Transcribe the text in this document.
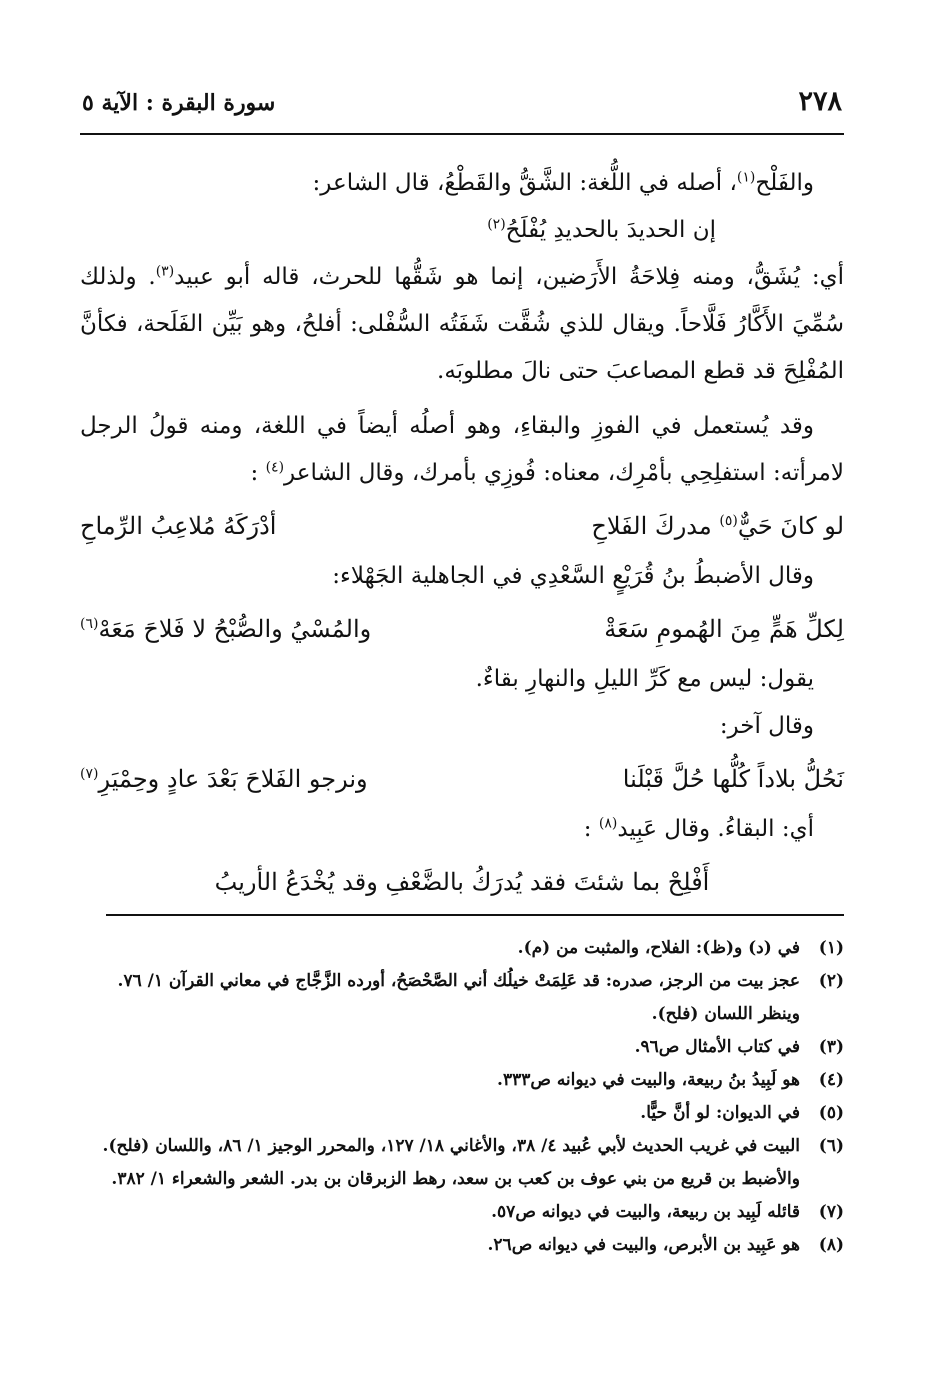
٢٧٨
سورة البقرة : الآية ٥

والفَلْح$^{(١)}$، أصله في اللُّغة: الشَّقُّ والقَطْعُ، قال الشاعر:

إن الحديدَ بالحديدِ يُفْلَحُ$^{(٢)}$

أي: يُشَقُّ، ومنه فِلاحَةُ الأَرَضين، إنما هو شَقُّها للحرث، قاله أبو عبيد$^{(٣)}$. ولذلك سُمِّيَ الأَكَّارُ فَلَّاحاً. ويقال للذي شُقَّت شَفَتُه السُّفْلى: أفلحُ، وهو بَيِّن الفَلَحة، فكأنَّ المُفْلِحَ قد قطع المصاعبَ حتى نالَ مطلوبَه.

وقد يُستعمل في الفوزِ والبقاءِ، وهو أصلُه أيضاً في اللغة، ومنه قولُ الرجل لامرأته: استفلِحِي بأمْرِك، معناه: فُوزِي بأمرك، وقال الشاعر$^{(٤)}$ :

لو كانَ حَيٌّ$^{(٥)}$ مدركَ الفَلاحِ
أدْرَكَهُ مُلاعِبُ الرِّماحِ

وقال الأضبطُ بنُ قُرَيْعٍ السَّعْدِي في الجاهلية الجَهْلاء:

لِكلِّ هَمٍّ مِنَ الهُمومِ سَعَةْ
والمُسْيُ والصُّبْحُ لا فَلاحَ مَعَهْ$^{(٦)}$

يقول: ليس مع كَرِّ الليلِ والنهارِ بقاءٌ.

وقال آخر:

نَحُلُّ بلاداً كُلُّها حُلَّ قَبْلَنا
ونرجو الفَلاحَ بَعْدَ عادٍ وحِمْيَرِ$^{(٧)}$

أي: البقاءُ. وقال عَبِيد$^{(٨)}$ :

أَفْلِحْ بما شئتَ فقد يُدرَكُ بالضَّعْفِ وقد يُخْدَعُ الأريبُ

(١)
في (د) و(ظ): الفلاح، والمثبت من (م).

(٢)
عجز بيت من الرجز، صدره: قد عَلِمَتْ خيلُك أني الصَّحْصَحُ، أورده الزَّجَّاج في معاني القرآن ١/ ٧٦. وينظر اللسان (فلح).

(٣)
في كتاب الأمثال ص٩٦.

(٤)
هو لَبِيدُ بنُ ربيعة، والبيت في ديوانه ص٣٣٣.

(٥)
في الديوان: لو أنَّ حيًّا.

(٦)
البيت في غريب الحديث لأبي عُبيد ٤/ ٣٨، والأغاني ١٨/ ١٢٧، والمحرر الوجيز ١/ ٨٦، واللسان (فلح). والأضبط بن قريع من بني عوف بن كعب بن سعد، رهط الزبرقان بن بدر. الشعر والشعراء ١/ ٣٨٢.

(٧)
قائله لَبِيد بن ربيعة، والبيت في ديوانه ص٥٧.

(٨)
هو عَبِيد بن الأبرص، والبيت في ديوانه ص٢٦.
